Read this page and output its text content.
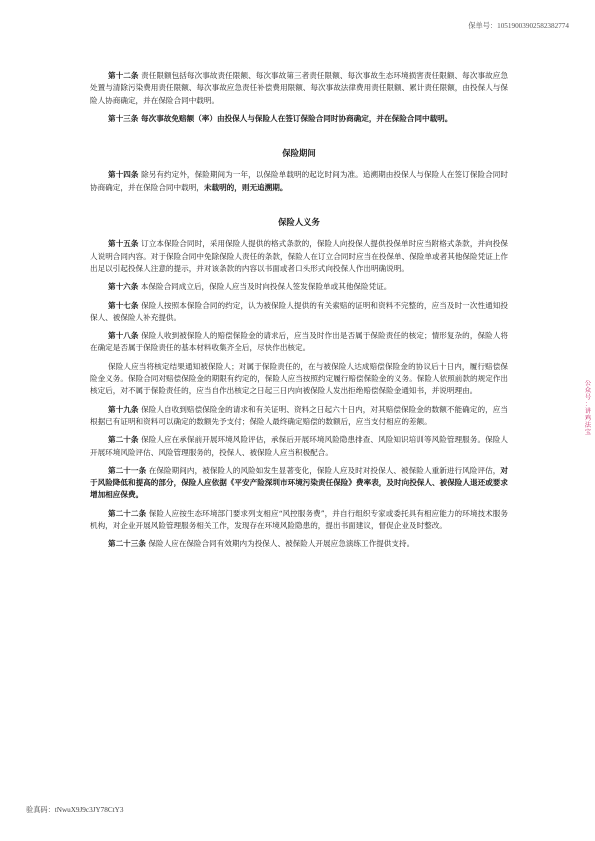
保单号：10519003902582382774

第十二条 责任限额包括每次事故责任限额、每次事故第三者责任限额、每次事故生态环境损害责任限额、每次事故应急处置与清除污染费用责任限额、每次事故应急责任补偿费用限额、每次事故法律费用责任限额、累计责任限额，由投保人与保险人协商确定，并在保险合同中载明。

第十三条 每次事故免赔额（率）由投保人与保险人在签订保险合同时协商确定，并在保险合同中载明。

保险期间

第十四条 除另有约定外，保险期间为一年，以保险单载明的起讫时间为准。追溯期由投保人与保险人在签订保险合同时协商确定，并在保险合同中载明，未载明的，则无追溯期。

保险人义务

第十五条 订立本保险合同时，采用保险人提供的格式条款的，保险人向投保人提供投保单时应当附格式条款，并向投保人说明合同内容。对于保险合同中免除保险人责任的条款，保险人在订立合同时应当在投保单、保险单或者其他保险凭证上作出足以引起投保人注意的提示，并对该条款的内容以书面或者口头形式向投保人作出明确说明。

第十六条 本保险合同成立后，保险人应当及时向投保人签发保险单或其他保险凭证。

第十七条 保险人按照本保险合同的约定，认为被保险人提供的有关索赔的证明和资料不完整的，应当及时一次性通知投保人、被保险人补充提供。

第十八条 保险人收到被保险人的赔偿保险金的请求后，应当及时作出是否属于保险责任的核定；情形复杂的，保险人将在确定是否属于保险责任的基本材料收集齐全后，尽快作出核定。

保险人应当将核定结果通知被保险人；对属于保险责任的，在与被保险人达成赔偿保险金的协议后十日内，履行赔偿保险金义务。保险合同对赔偿保险金的期限有约定的，保险人应当按照约定履行赔偿保险金的义务。保险人依照前款的规定作出核定后，对不属于保险责任的，应当自作出核定之日起三日内向被保险人发出拒绝赔偿保险金通知书，并说明理由。

第十九条 保险人自收到赔偿保险金的请求和有关证明、资料之日起六十日内，对其赔偿保险金的数额不能确定的，应当根据已有证明和资料可以确定的数额先予支付；保险人最终确定赔偿的数额后，应当支付相应的差额。

第二十条 保险人应在承保前开展环境风险评估，承保后开展环境风险隐患排查、风险知识培训等风险管理服务。保险人开展环境风险评估、风险管理服务的，投保人、被保险人应当积极配合。

第二十一条 在保险期间内，被保险人的风险如发生显著变化，保险人应及时对投保人、被保险人重新进行风险评估，对于风险降低和提高的部分，保险人应依据《平安产险深圳市环境污染责任保险》费率表，及时向投保人、被保险人退还或要求增加相应保费。

第二十二条 保险人应按生态环境部门要求列支相应“风控服务费”，并自行组织专家或委托具有相应能力的环境技术服务机构，对企业开展风险管理服务相关工作，发现存在环境风险隐患的，提出书面建议，督促企业及时整改。

第二十三条 保险人应在保险合同有效期内为投保人、被保险人开展应急演练工作提供支持。

公
众
号
：
讲
鸡
法
宝
验真码：tNwuX9J9c3JY78CtY3
